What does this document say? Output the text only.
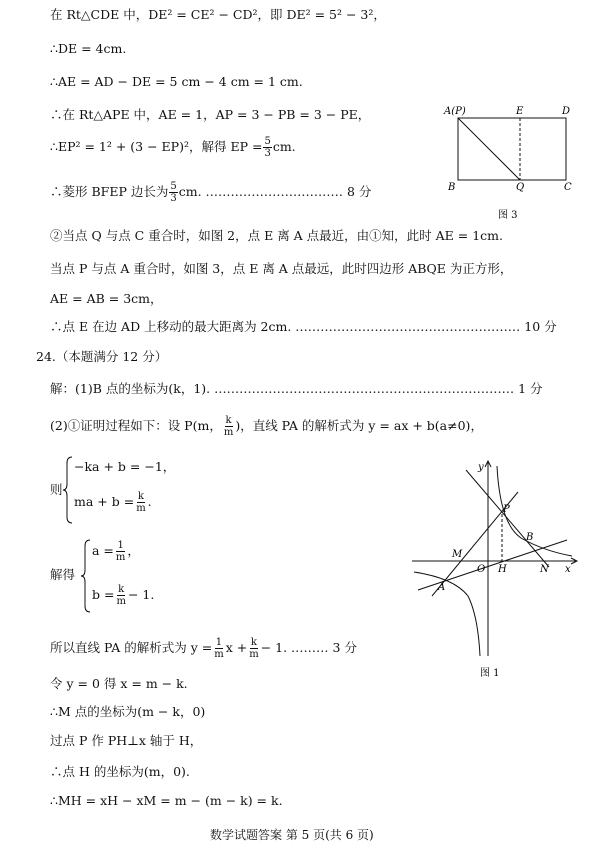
在 Rt△CDE 中，DE² = CE² − CD²，即 DE² = 5² − 3²，
∴DE = 4cm.
∴AE = AD − DE = 5 cm − 4 cm = 1 cm.
∴在 Rt△APE 中，AE = 1，AP = 3 − PB = 3 − PE，
∴EP² = 1² + (3 − EP)²，解得 EP = $\frac{5}{3}$ cm.
∴菱形 BFEP 边长为 $\frac{5}{3}$ cm. …………………………… 8 分
②当点 Q 与点 C 重合时，如图 2，点 E 离 A 点最近，由①知，此时 AE = 1cm.
当点 P 与点 A 重合时，如图 3，点 E 离 A 点最远，此时四边形 ABQE 为正方形，
AE = AB = 3cm，
∴点 E 在边 AD 上移动的最大距离为 2cm. ……………………………………………… 10 分
24.（本题满分 12 分）
解：(1)B 点的坐标为(k，1). ……………………………………………………………… 1 分
(2)①证明过程如下：设 P(m， $\frac{k}{m}$ )，直线 PA 的解析式为 y = ax + b(a≠0)，
则
−ka + b = −1，
ma + $b = \frac{k}{m}$ .
解得
$a = \frac{1}{m}$ ，
$b = \frac{k}{m} - 1$.
所以直线 PA 的解析式为 $y = \frac{1}{m}$ $x + \frac{k}{m} - 1$. ……… 3 分
令 y = 0 得 x = m − k.
∴M 点的坐标为(m − k，0)
过点 P 作 PH⊥x 轴于 H，
∴点 H 的坐标为(m，0).
∴MH = xH − xM = m − (m − k) = k.
数学试题答案 第 5 页(共 6 页)
A(P)	E	D
B	Q	C
图 3
y
x
P
B
M
O H	N
A
图 1
